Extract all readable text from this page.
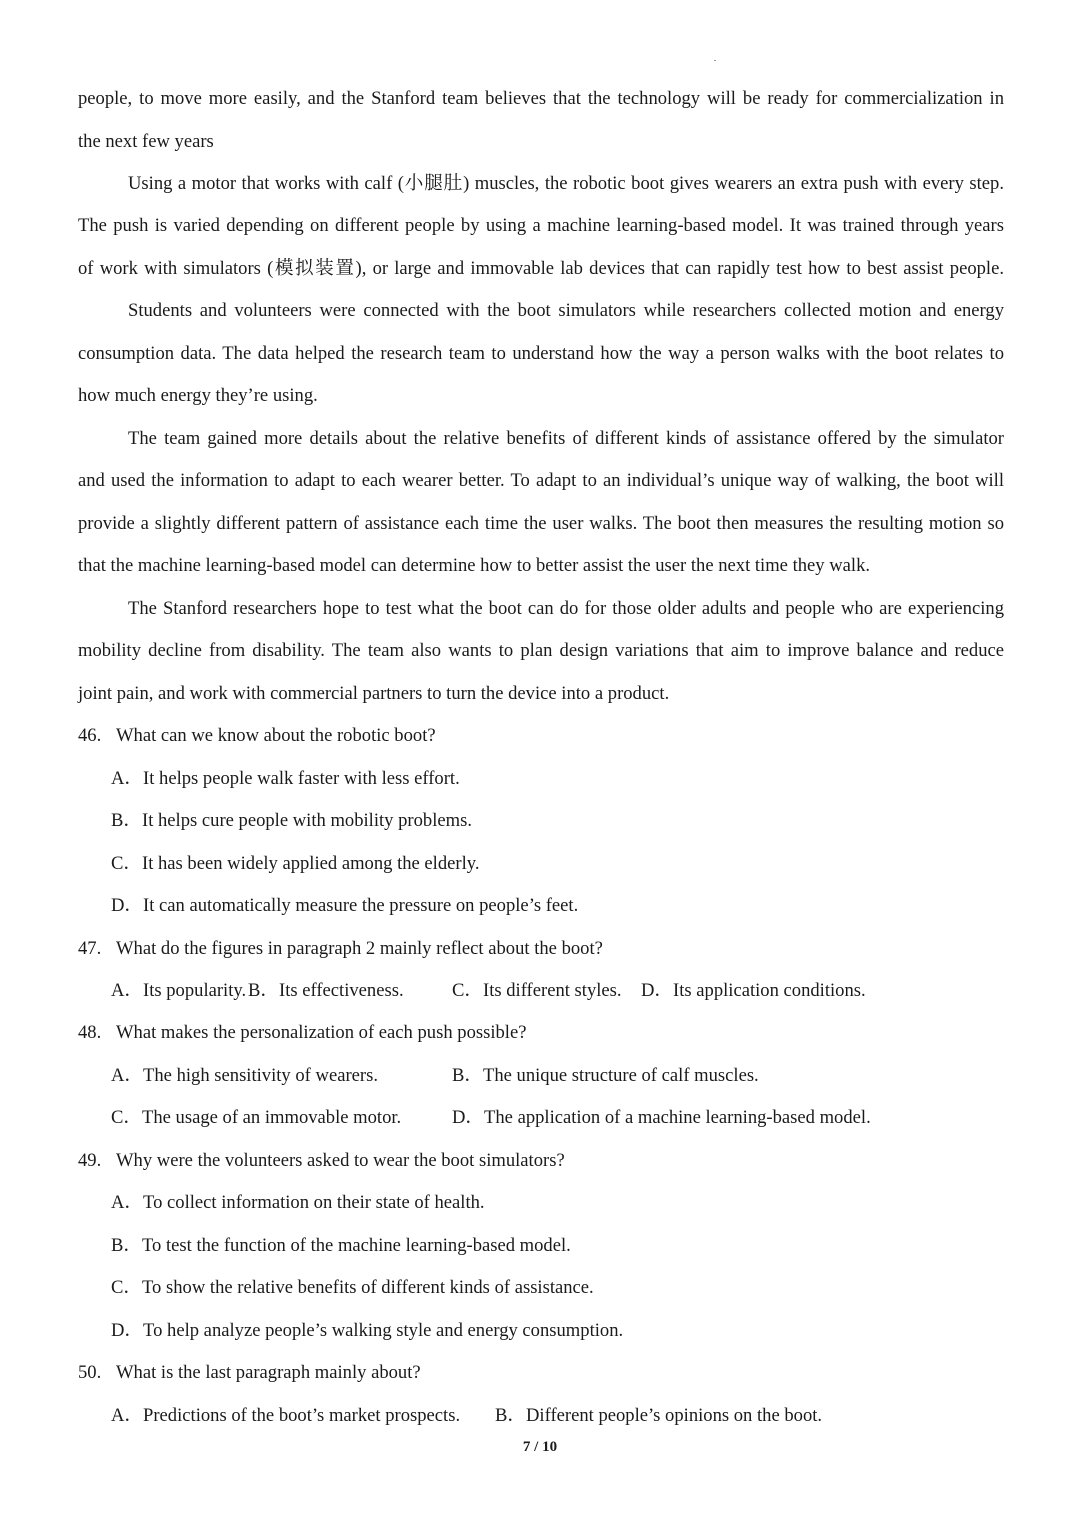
people, to move more easily, and the Stanford team believes that the technology will be ready for commercialization in
the next few years
Using a motor that works with calf (小腿肚) muscles, the robotic boot gives wearers an extra push with every step.
The push is varied depending on different people by using a machine learning-based model. It was trained through years
of work with simulators (模拟装置), or large and immovable lab devices that can rapidly test how to best assist people.
Students and volunteers were connected with the boot simulators while researchers collected motion and energy
consumption data. The data helped the research team to understand how the way a person walks with the boot relates to
how much energy they’re using.
The team gained more details about the relative benefits of different kinds of assistance offered by the simulator
and used the information to adapt to each wearer better. To adapt to an individual’s unique way of walking, the boot will
provide a slightly different pattern of assistance each time the user walks. The boot then measures the resulting motion so
that the machine learning-based model can determine how to better assist the user the next time they walk.
The Stanford researchers hope to test what the boot can do for those older adults and people who are experiencing
mobility decline from disability. The team also wants to plan design variations that aim to improve balance and reduce
joint pain, and work with commercial partners to turn the device into a product.
46. What can we know about the robotic boot?
A．It helps people walk faster with less effort.
B．It helps cure people with mobility problems.
C．It has been widely applied among the elderly.
D．It can automatically measure the pressure on people’s feet.
47. What do the figures in paragraph 2 mainly reflect about the boot?
A．Its popularity. B．Its effectiveness.	C．Its different styles. D．Its application conditions.
48. What makes the personalization of each push possible?
A．The high sensitivity of wearers.	B．The unique structure of calf muscles.
C．The usage of an immovable motor.	D．The application of a machine learning-based model.
49. Why were the volunteers asked to wear the boot simulators?
A．To collect information on their state of health.
B．To test the function of the machine learning-based model.
C．To show the relative benefits of different kinds of assistance.
D．To help analyze people’s walking style and energy consumption.
50. What is the last paragraph mainly about?
A．Predictions of the boot’s market prospects. B．Different people’s opinions on the boot.
7 / 10
